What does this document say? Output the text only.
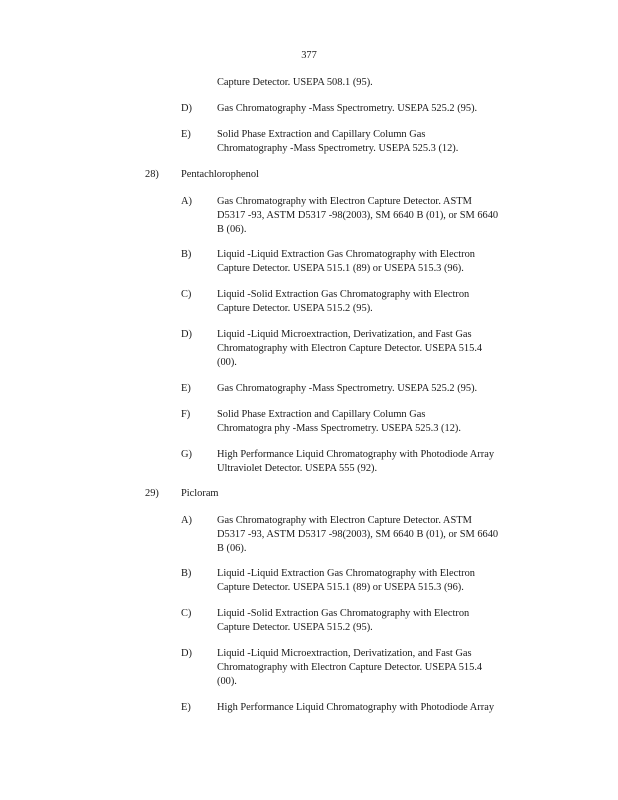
377
Capture Detector. USEPA 508.1 (95).
D) Gas Chromatography -Mass Spectrometry. USEPA 525.2 (95).
E)	Solid Phase Extraction and Capillary Column Gas
Chromatography -Mass Spectrometry. USEPA 525.3 (12).
28) Pentachlorophenol
A) Gas Chromatography with Electron Capture Detector. ASTM
D5317 -93, ASTM D5317 -98(2003), SM 6640 B (01), or SM 6640
B (06).
B) Liquid -Liquid Extraction Gas Chromatography with Electron
Capture Detector. USEPA 515.1 (89) or USEPA 515.3 (96).
C) Liquid -Solid Extraction Gas Chromatography with Electron
Capture Detector. USEPA 515.2 (95).
D) Liquid -Liquid Microextraction, Derivatization, and Fast Gas
Chromatography with Electron Capture Detector. USEPA 515.4
(00).
E)	Gas Chromatography -Mass Spectrometry. USEPA 525.2 (95).
F)	Solid Phase Extraction and Capillary Column Gas
Chromatogra phy -Mass Spectrometry. USEPA 525.3 (12).
G) High Performance Liquid Chromatography with Photodiode Array
Ultraviolet Detector. USEPA 555 (92).
29) Picloram
A) Gas Chromatography with Electron Capture Detector. ASTM
D5317 -93, ASTM D5317 -98(2003), SM 6640 B (01), or SM 6640
B (06).
B) Liquid -Liquid Extraction Gas Chromatography with Electron
Capture Detector. USEPA 515.1 (89) or USEPA 515.3 (96).
C) Liquid -Solid Extraction Gas Chromatography with Electron
Capture Detector. USEPA 515.2 (95).
D) Liquid -Liquid Microextraction, Derivatization, and Fast Gas
Chromatography with Electron Capture Detector. USEPA 515.4
(00).
E)	High Performance Liquid Chromatography with Photodiode Array
